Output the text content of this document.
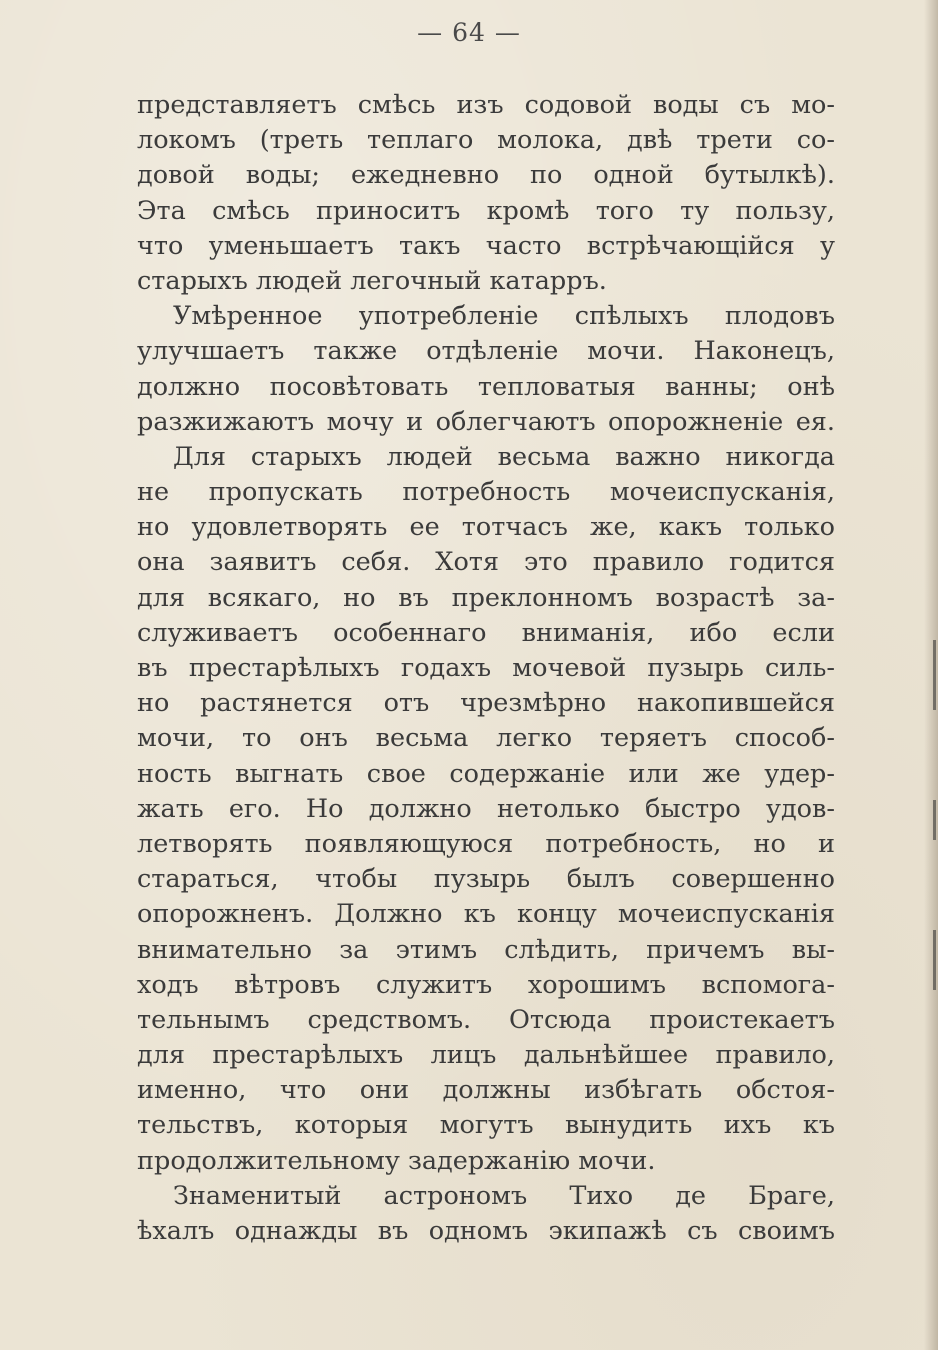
— 64 —
представляетъ смѣсь изъ содовой воды съ мо-
локомъ (треть теплаго молока, двѣ трети со-
довой воды; ежедневно по одной бутылкѣ).
Эта смѣсь приноситъ кромѣ того ту пользу,
что уменьшаетъ такъ часто встрѣчающійся у
старыхъ людей легочный катарръ.
Умѣренное употребленіе спѣлыхъ плодовъ
улучшаетъ также отдѣленіе мочи. Наконецъ,
должно посовѣтовать тепловатыя ванны; онѣ
разжижаютъ мочу и облегчаютъ опорожненіе ея.
Для старыхъ людей весьма важно никогда
не пропускать потребность мочеиспусканія,
но удовлетворять ее тотчасъ же, какъ только
она заявитъ себя. Хотя это правило годится
для всякаго, но въ преклонномъ возрастѣ за-
служиваетъ особеннаго вниманія, ибо если
въ престарѣлыхъ годахъ мочевой пузырь силь-
но растянется отъ чрезмѣрно накопившейся
мочи, то онъ весьма легко теряетъ способ-
ность выгнать свое содержаніе или же удер-
жать его. Но должно нетолько быстро удов-
летворять появляющуюся потребность, но и
стараться, чтобы пузырь былъ совершенно
опорожненъ. Должно къ концу мочеиспусканія
внимательно за этимъ слѣдить, причемъ вы-
ходъ вѣтровъ служитъ хорошимъ вспомога-
тельнымъ средствомъ. Отсюда проистекаетъ
для престарѣлыхъ лицъ дальнѣйшее правило,
именно, что они должны избѣгать обстоя-
тельствъ, которыя могутъ вынудить ихъ къ
продолжительному задержанію мочи.
Знаменитый астрономъ Тихо де Браге,
ѣхалъ однажды въ одномъ экипажѣ съ своимъ
